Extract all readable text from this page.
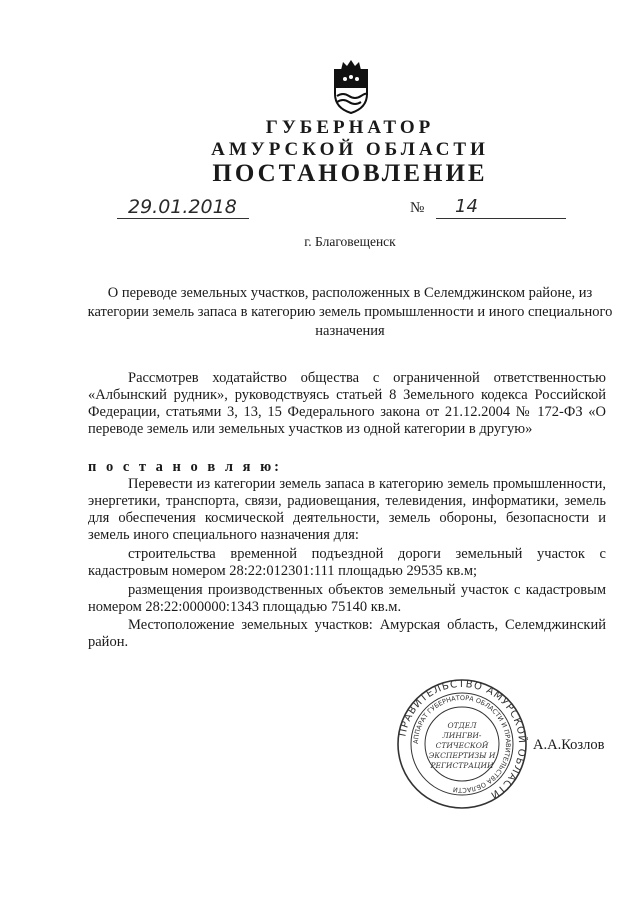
ГУБЕРНАТОР
АМУРСКОЙ ОБЛАСТИ
ПОСТАНОВЛЕНИЕ
29.01.2018	№ 14
г. Благовещенск
О переводе земельных участков, расположенных в Селемджинском районе, из категории земель запаса в категорию земель промышленности и иного специального назначения
Рассмотрев ходатайство общества с ограниченной ответственностью «Албынский рудник», руководствуясь статьей 8 Земельного кодекса Российской Федерации, статьями 3, 13, 15 Федерального закона от 21.12.2004 № 172-ФЗ «О переводе земель или земельных участков из одной категории в другую»
п о с т а н о в л я ю:
Перевести из категории земель запаса в категорию земель промышленности, энергетики, транспорта, связи, радиовещания, телевидения, информатики, земель для обеспечения космической деятельности, земель обороны, безопасности и земель иного специального назначения для:
строительства временной подъездной дороги земельный участок с кадастровым номером 28:22:012301:111 площадью 29535 кв.м;
размещения производственных объектов земельный участок с кадастровым номером 28:22:000000:1343 площадью 75140 кв.м.
Местоположение земельных участков: Амурская область, Селемджинский район.
ПРАВИТЕЛЬСТВО АМУРСКОЙ ОБЛАСТИ
АППАРАТ ГУБЕРНАТОРА ОБЛАСТИ И ПРАВИТЕЛЬСТВА ОБЛАСТИ
ОТДЕЛ
ЛИНГВИ-
СТИЧЕСКОЙ
ЭКСПЕРТИЗЫ И
РЕГИСТРАЦИИ
А.А.Козлов
